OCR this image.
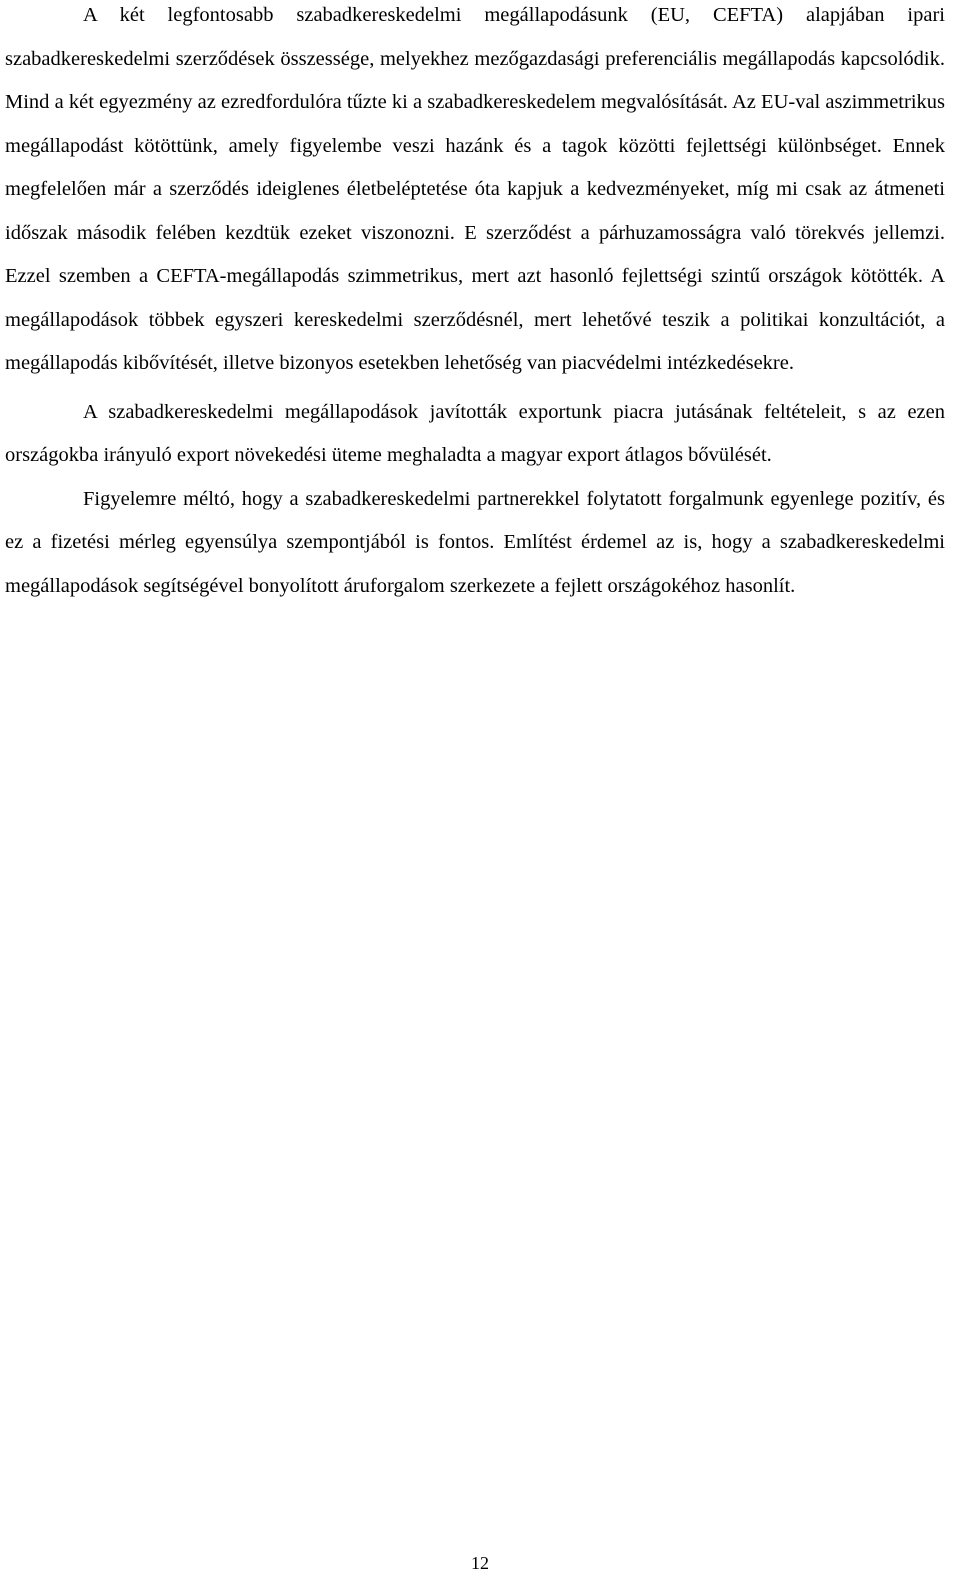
A két legfontosabb szabadkereskedelmi megállapodásunk (EU, CEFTA) alapjában ipari szabadkereskedelmi szerződések összessége, melyekhez mezőgazdasági preferenciális megállapodás kapcsolódik. Mind a két egyezmény az ezredfordulóra tűzte ki a szabadkereskedelem megvalósítását. Az EU-val aszimmetrikus megállapodást kötöttünk, amely figyelembe veszi hazánk és a tagok közötti fejlettségi különbséget. Ennek megfelelően már a szerződés ideiglenes életbeléptetése óta kapjuk a kedvezményeket, míg mi csak az átmeneti időszak második felében kezdtük ezeket viszonozni. E szerződést a párhuzamosságra való törekvés jellemzi. Ezzel szemben a CEFTA-megállapodás szimmetrikus, mert azt hasonló fejlettségi szintű országok kötötték. A megállapodások többek egyszeri kereskedelmi szerződésnél, mert lehetővé teszik a politikai konzultációt, a megállapodás kibővítését, illetve bizonyos esetekben lehetőség van piacvédelmi intézkedésekre.

A szabadkereskedelmi megállapodások javították exportunk piacra jutásának feltételeit, s az ezen országokba irányuló export növekedési üteme meghaladta a magyar export átlagos bővülését.

Figyelemre méltó, hogy a szabadkereskedelmi partnerekkel folytatott forgalmunk egyenlege pozitív, és ez a fizetési mérleg egyensúlya szempontjából is fontos. Említést érdemel az is, hogy a szabadkereskedelmi megállapodások segítségével bonyolított áruforgalom szerkezete a fejlett országokéhoz hasonlít.

12
